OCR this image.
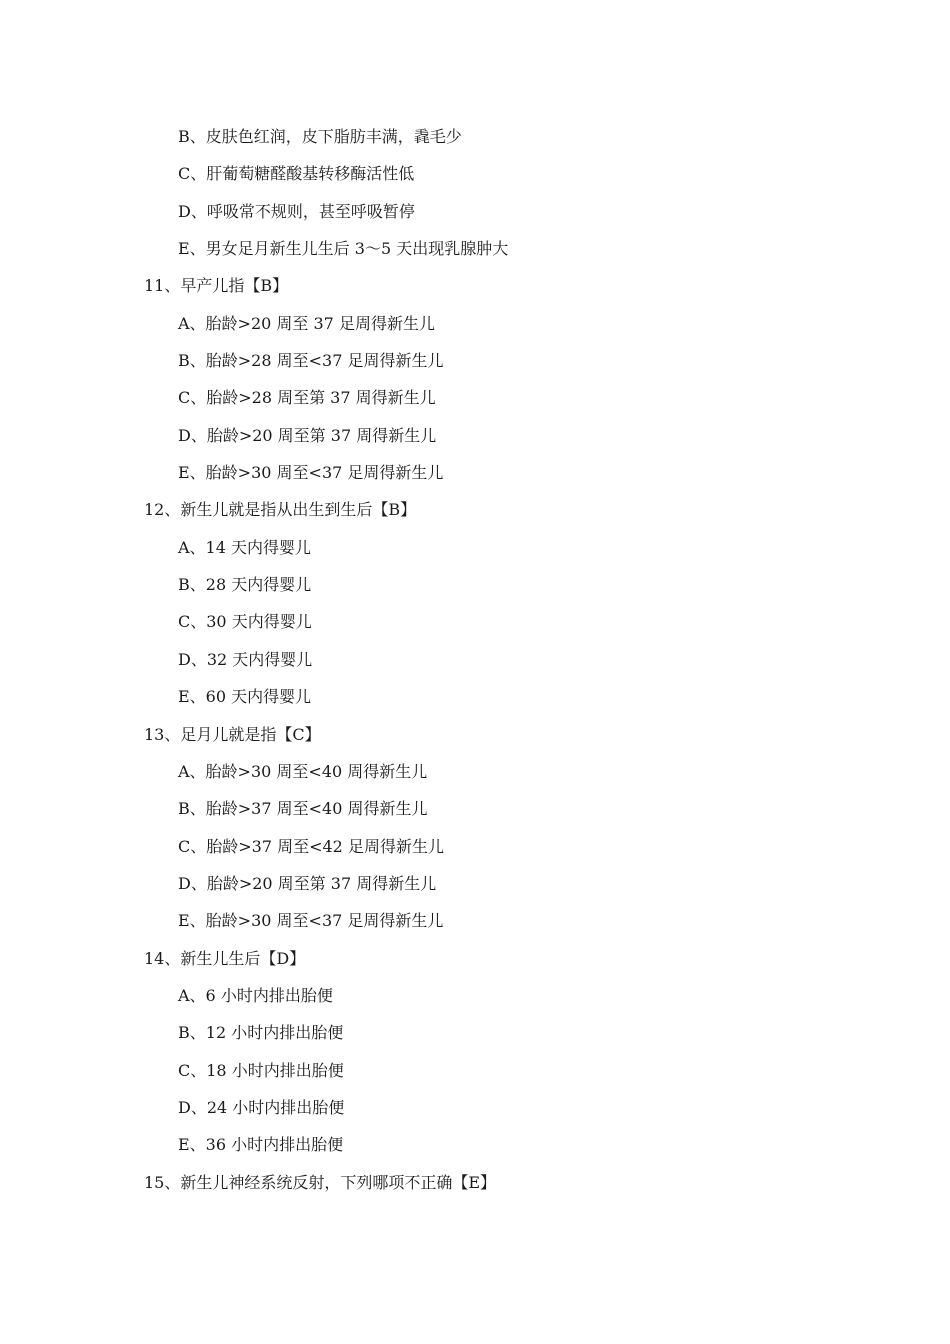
B、皮肤色红润，皮下脂肪丰满，毳毛少
C、肝葡萄糖醛酸基转移酶活性低
D、呼吸常不规则，甚至呼吸暂停
E、男女足月新生儿生后 3～5 天出现乳腺肿大
11、早产儿指【B】
A、胎龄>20 周至 37 足周得新生儿
B、胎龄>28 周至<37 足周得新生儿
C、胎龄>28 周至第 37 周得新生儿
D、胎龄>20 周至第 37 周得新生儿
E、胎龄>30 周至<37 足周得新生儿
12、新生儿就是指从出生到生后【B】
A、14 天内得婴儿
B、28 天内得婴儿
C、30 天内得婴儿
D、32 天内得婴儿
E、60 天内得婴儿
13、足月儿就是指【C】
A、胎龄>30 周至<40 周得新生儿
B、胎龄>37 周至<40 周得新生儿
C、胎龄>37 周至<42 足周得新生儿
D、胎龄>20 周至第 37 周得新生儿
E、胎龄>30 周至<37 足周得新生儿
14、新生儿生后【D】
A、6 小时内排出胎便
B、12 小时内排出胎便
C、18 小时内排出胎便
D、24 小时内排出胎便
E、36 小时内排出胎便
15、新生儿神经系统反射，下列哪项不正确【E】
